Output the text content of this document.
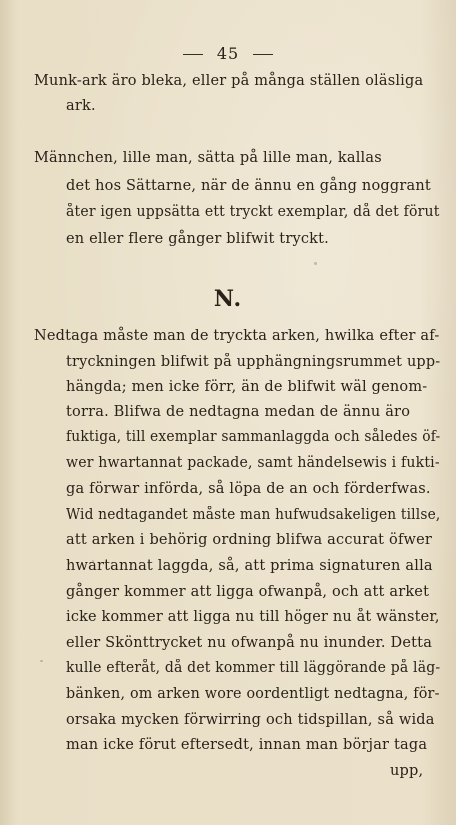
45
Munk-ark äro bleka, eller på många ställen oläsliga
ark.
Männchen, lille man, sätta på lille man, kallas
det hos Sättarne, när de ännu en gång noggrant
åter igen uppsätta ett tryckt exemplar, då det förut
en eller flere gånger blifwit tryckt.
N.
Nedtaga måste man de tryckta arken, hwilka efter af-
tryckningen blifwit på upphängningsrummet upp-
hängda; men icke förr, än de blifwit wäl genom-
torra. Blifwa de nedtagna medan de ännu äro
fuktiga, till exemplar sammanlaggda och således öf-
wer hwartannat packade, samt händelsewis i fukti-
ga förwar införda, så löpa de an och förderfwas.
Wid nedtagandet måste man hufwudsakeligen tillse,
att arken i behörig ordning blifwa accurat öfwer
hwartannat laggda, så, att prima signaturen alla
gånger kommer att ligga ofwanpå, och att arket
icke kommer att ligga nu till höger nu åt wänster,
eller Skönttrycket nu ofwanpå nu inunder. Detta
kulle efteråt, då det kommer till läggörande på läg-
bänken, om arken wore oordentligt nedtagna, för-
orsaka mycken förwirring och tidspillan, så wida
man icke förut eftersedt, innan man börjar taga
upp,
